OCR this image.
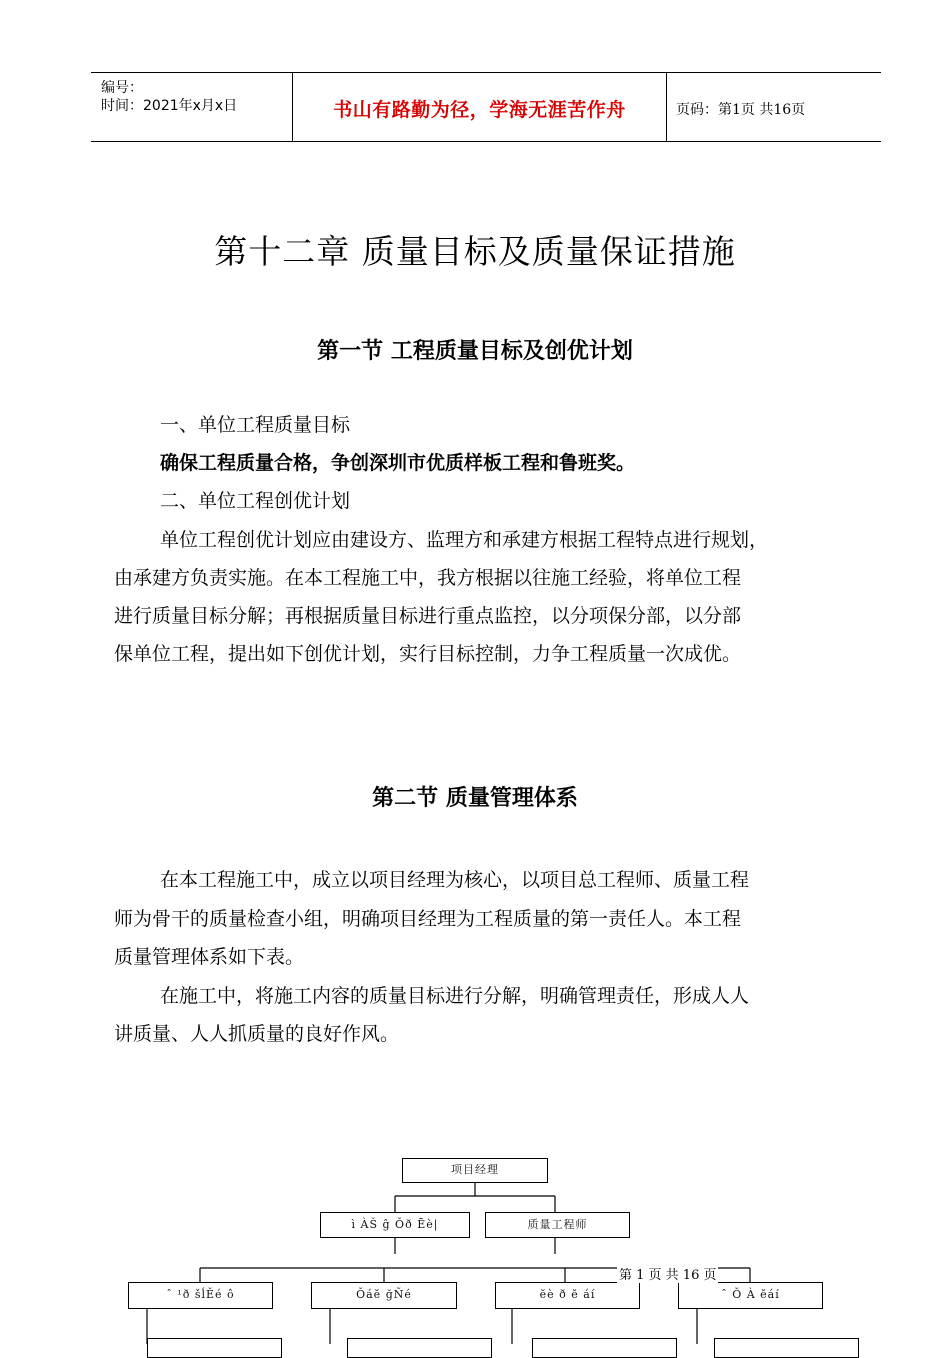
编号：
时间：2021年x月x日	书山有路勤为径，学海无涯苦作舟	页码：第1页 共16页
第十二章 质量目标及质量保证措施
第一节 工程质量目标及创优计划
一、单位工程质量目标
确保工程质量合格，争创深圳市优质样板工程和鲁班奖。
二、单位工程创优计划
单位工程创优计划应由建设方、监理方和承建方根据工程特点进行规划，
由承建方负责实施。在本工程施工中，我方根据以往施工经验，将单位工程
进行质量目标分解；再根据质量目标进行重点监控，以分项保分部，以分部
保单位工程，提出如下创优计划，实行目标控制，力争工程质量一次成优。
第二节 质量管理体系
在本工程施工中，成立以项目经理为核心，以项目总工程师、质量工程
师为骨干的质量检查小组，明确项目经理为工程质量的第一责任人。本工程
质量管理体系如下表。
在施工中，将施工内容的质量目标进行分解，明确管理责任，形成人人
讲质量、人人抓质量的良好作风。
项目经理
ì ÀŠ ĝ Ŏð Ēè|	质量工程师
ˆ ¹ð šĺĔé ô	Ŏáĕ ğÑé	ĕè ð ĕ áí	ˆ Ŏ À ĕáí
第 1 页 共 16 页
